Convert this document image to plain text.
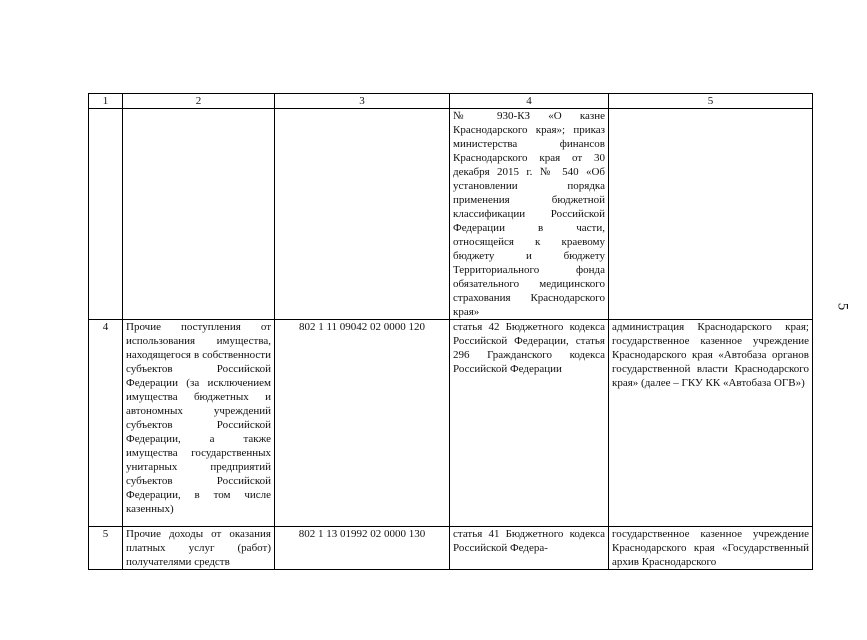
5
1	2	3	4	5
			№ 930-КЗ «О казне Краснодарского края»; приказ министерства финансов Краснодарского края от 30 декабря 2015 г. № 540 «Об установлении порядка применения бюджетной классификации Российской Федерации в части, относящейся к краевому бюджету и бюджету Территориального фонда обязательного медицинского страхования Краснодарского края»	
4	Прочие поступления от использования имущества, находящегося в собственности субъектов Российской Федерации (за исключением имущества бюджетных и автономных учреждений субъектов Российской Федерации, а также имущества государственных унитарных предприятий субъектов Российской Федерации, в том числе казенных)	802 1 11 09042 02 0000 120	статья 42 Бюджетного кодекса Российской Федерации, статья 296 Гражданского кодекса Российской Федерации	администрация Краснодарского края; государственное казенное учреждение Краснодарского края «Автобаза органов государственной власти Краснодарского края» (далее – ГКУ КК «Автобаза ОГВ»)
5	Прочие доходы от оказания платных услуг (работ) получателями средств	802 1 13 01992 02 0000 130	статья 41 Бюджетного кодекса Российской Федера-	государственное казенное учреждение Краснодарского края «Государственный архив Краснодарского
